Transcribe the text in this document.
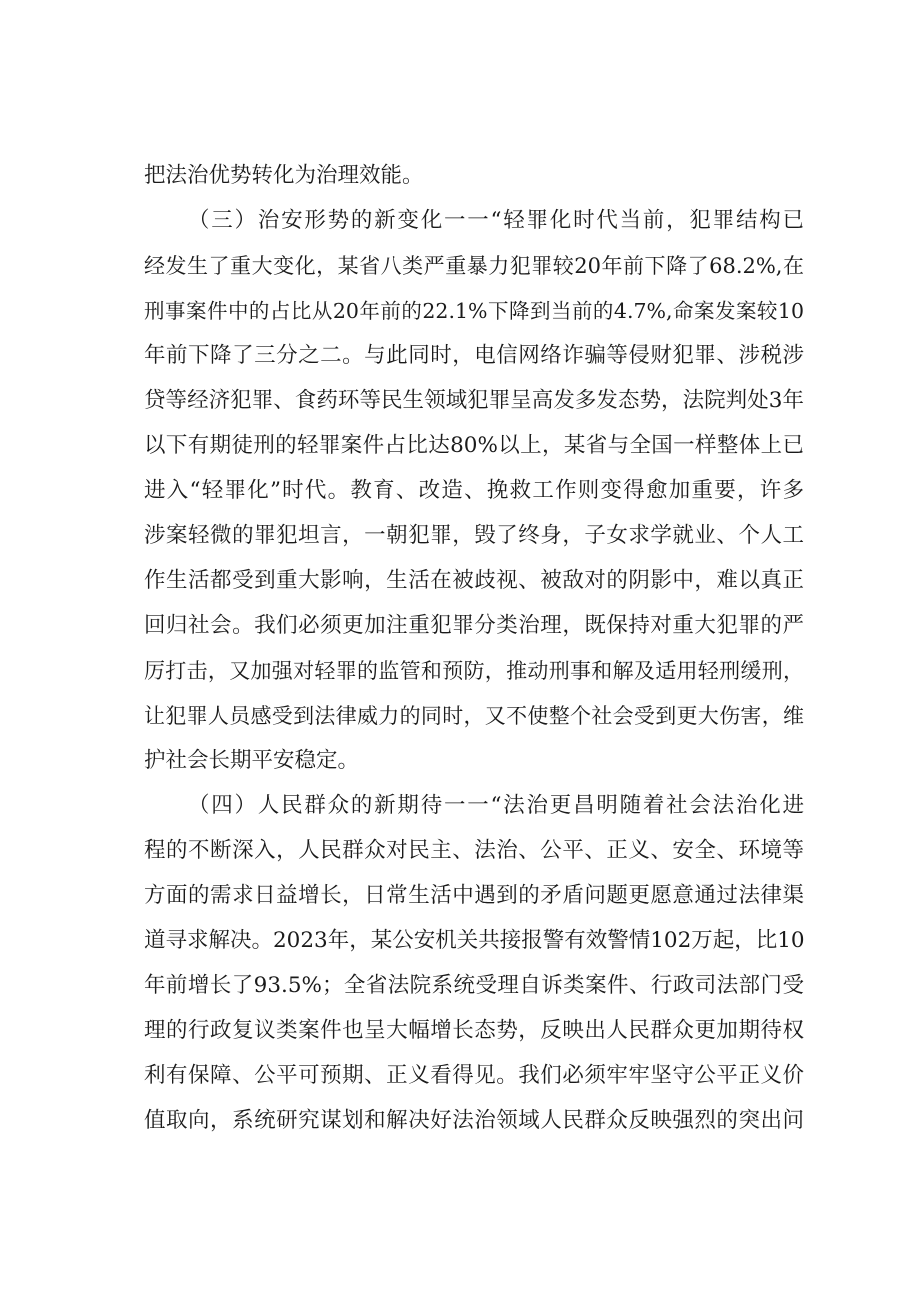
把法治优势转化为治理效能。
（三）治安形势的新变化一一“轻罪化时代当前，犯罪结构已
经发生了重大变化，某省八类严重暴力犯罪较20年前下降了68.2%,在
刑事案件中的占比从20年前的22.1%下降到当前的4.7%,命案发案较10
年前下降了三分之二。与此同时，电信网络诈骗等侵财犯罪、涉税涉
贷等经济犯罪、食药环等民生领域犯罪呈高发多发态势，法院判处3年
以下有期徒刑的轻罪案件占比达80%以上，某省与全国一样整体上已
进入“轻罪化”时代。教育、改造、挽救工作则变得愈加重要，许多
涉案轻微的罪犯坦言，一朝犯罪，毁了终身，子女求学就业、个人工
作生活都受到重大影响，生活在被歧视、被敌对的阴影中，难以真正
回归社会。我们必须更加注重犯罪分类治理，既保持对重大犯罪的严
厉打击，又加强对轻罪的监管和预防，推动刑事和解及适用轻刑缓刑，
让犯罪人员感受到法律威力的同时，又不使整个社会受到更大伤害，维
护社会长期平安稳定。
（四）人民群众的新期待一一“法治更昌明随着社会法治化进
程的不断深入，人民群众对民主、法治、公平、正义、安全、环境等
方面的需求日益增长，日常生活中遇到的矛盾问题更愿意通过法律渠
道寻求解决。2023年，某公安机关共接报警有效警情102万起，比10
年前增长了93.5%；全省法院系统受理自诉类案件、行政司法部门受
理的行政复议类案件也呈大幅增长态势，反映出人民群众更加期待权
利有保障、公平可预期、正义看得见。我们必须牢牢坚守公平正义价
值取向，系统研究谋划和解决好法治领域人民群众反映强烈的突出问
